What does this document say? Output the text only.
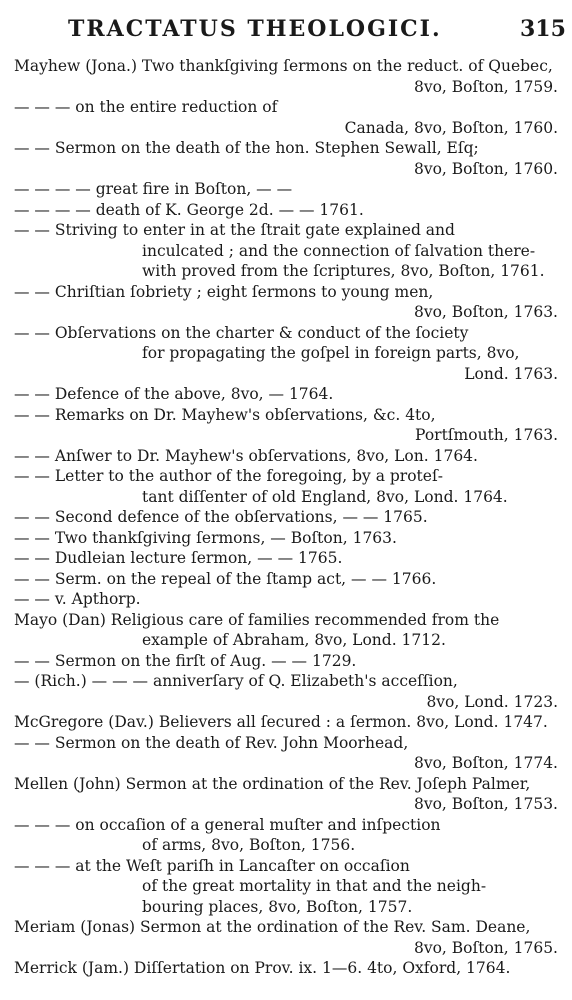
TRACTATUS THEOLOGICI.	315

Mayhew (Jona.) Two thankſgiving ſermons on the reduct. of Quebec,

8vo, Boſton, 1759.

— — — on the entire reduction of

Canada, 8vo, Boſton, 1760.

— — Sermon on the death of the hon. Stephen Sewall, Eſq;

8vo, Boſton, 1760.

— — — — great fire in Boſton, — —

— — — — death of K. George 2d. — — 1761.

— — Striving to enter in at the ſtrait gate explained and

inculcated ; and the connection of ſalvation there-

with proved from the ſcriptures, 8vo, Boſton, 1761.

— — Chriſtian ſobriety ; eight ſermons to young men,

8vo, Boſton, 1763.

— — Obſervations on the charter & conduct of the ſociety

for propagating the goſpel in foreign parts, 8vo,

Lond. 1763.

— — Defence of the above, 8vo, — 1764.

— — Remarks on Dr. Mayhew's obſervations, &c. 4to,

Portſmouth, 1763.

— — Anſwer to Dr. Mayhew's obſervations, 8vo, Lon. 1764.

— — Letter to the author of the foregoing, by a proteſ-

tant diſſenter of old England, 8vo, Lond. 1764.

— — Second defence of the obſervations, — — 1765.

— — Two thankſgiving ſermons, — Boſton, 1763.

— — Dudleian lecture ſermon, — — 1765.

— — Serm. on the repeal of the ſtamp act, — — 1766.

— — v. Apthorp.

Mayo (Dan) Religious care of families recommended from the

example of Abraham, 8vo, Lond. 1712.

— — Sermon on the firſt of Aug. — — 1729.

— (Rich.) — — — anniverſary of Q. Elizabeth's acceſſion,

8vo, Lond. 1723.

McGregore (Dav.) Believers all ſecured : a ſermon. 8vo, Lond. 1747.

— — Sermon on the death of Rev. John Moorhead,

8vo, Boſton, 1774.

Mellen (John) Sermon at the ordination of the Rev. Joſeph Palmer,

8vo, Boſton, 1753.

— — — on occaſion of a general muſter and inſpection

of arms, 8vo, Boſton, 1756.

— — — at the Weſt pariſh in Lancaſter on occaſion

of the great mortality in that and the neigh-

bouring places, 8vo, Boſton, 1757.

Meriam (Jonas) Sermon at the ordination of the Rev. Sam. Deane,

8vo, Boſton, 1765.

Merrick (Jam.) Diſſertation on Prov. ix. 1—6. 4to, Oxford, 1764.
